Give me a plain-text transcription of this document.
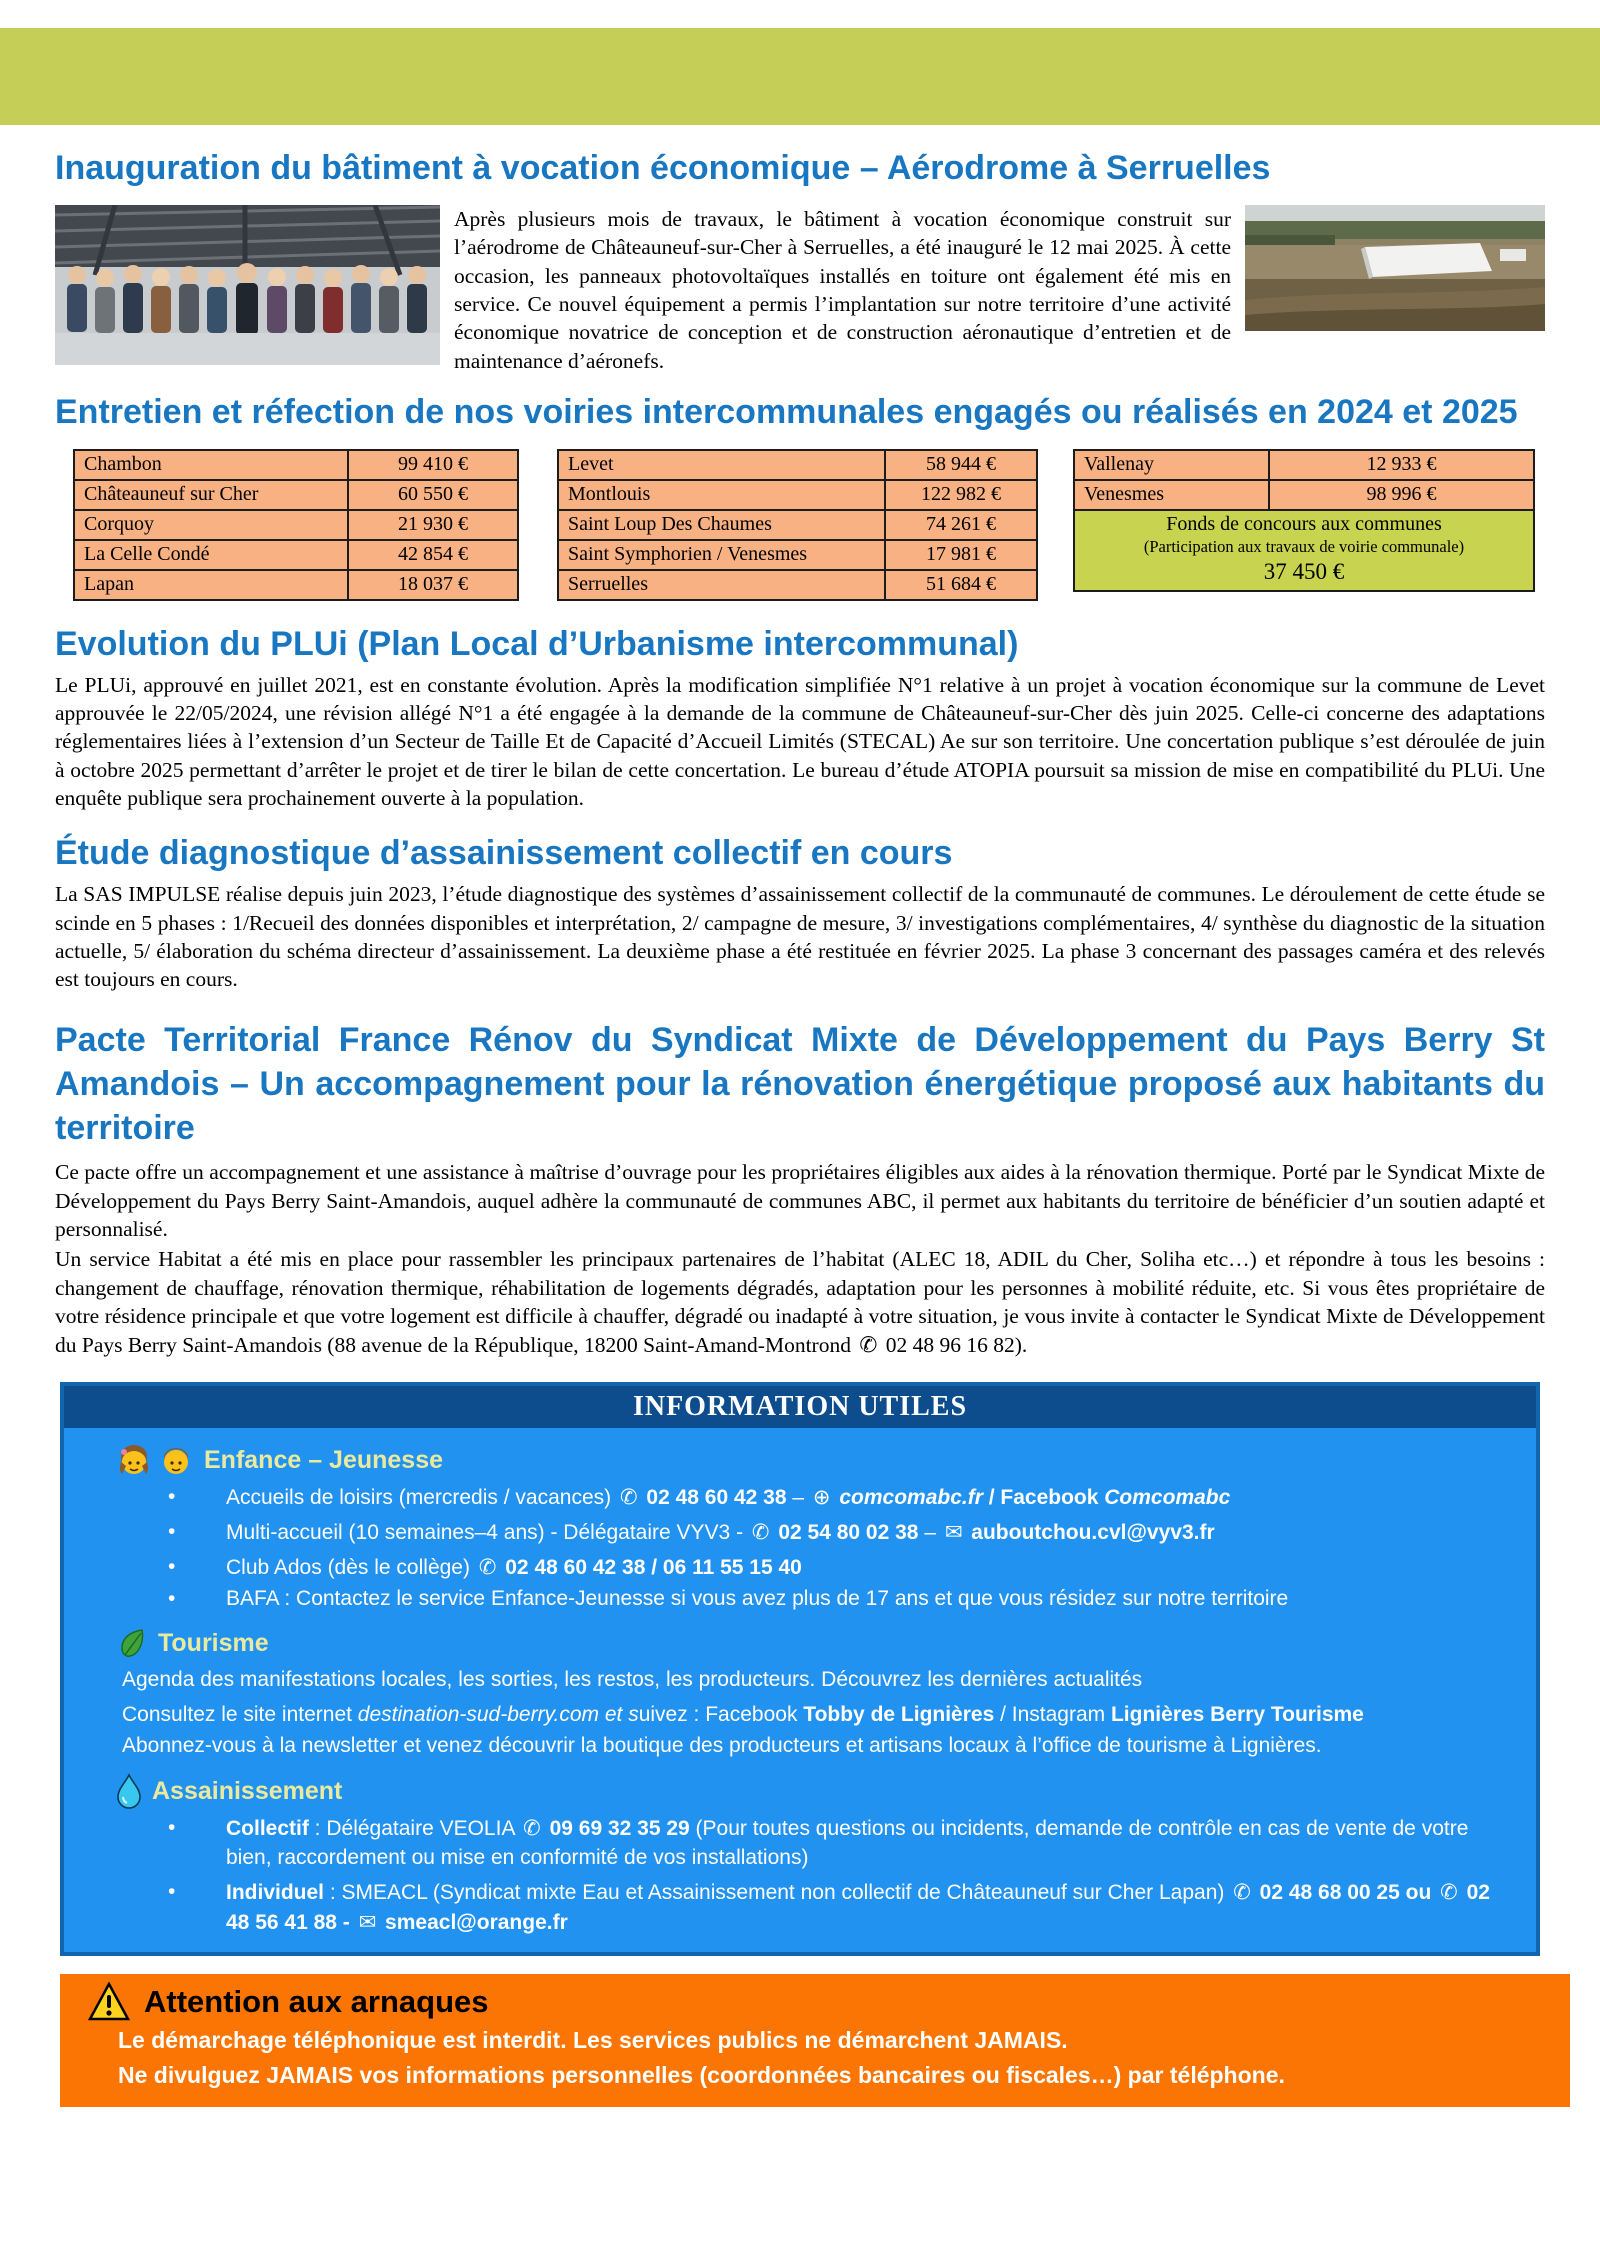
Inauguration du bâtiment à vocation économique – Aérodrome à Serruelles

Après plusieurs mois de travaux, le bâtiment à vocation économique construit sur l’aérodrome de Châteauneuf-sur-Cher à Serruelles, a été inauguré le 12 mai 2025. À cette occasion, les panneaux photovoltaïques installés en toiture ont également été mis en service. Ce nouvel équipement a permis l’implantation sur notre territoire d’une activité économique novatrice de conception et de construction aéronautique d’entretien et de maintenance d’aéronefs.

Entretien et réfection de nos voiries intercommunales engagés ou réalisés en 2024 et 2025
Chambon	99 410 €
Châteauneuf sur Cher	60 550 €
Corquoy	21 930 €
La Celle Condé	42 854 €
Lapan	18 037 €
Levet	58 944 €
Montlouis	122 982 €
Saint Loup Des Chaumes	74 261 €
Saint Symphorien / Venesmes	17 981 €
Serruelles	51 684 €
Vallenay	12 933 €
Venesmes	98 996 €
Fonds de concours aux communes
(Participation aux travaux de voirie communale)
37 450 €
Evolution du PLUi (Plan Local d’Urbanisme intercommunal)

Le PLUi, approuvé en juillet 2021, est en constante évolution. Après la modification simplifiée N°1 relative à un projet à vocation économique sur la commune de Levet approuvée le 22/05/2024, une révision allégé N°1 a été engagée à la demande de la commune de Châteauneuf-sur-Cher dès juin 2025. Celle-ci concerne des adaptations réglementaires liées à l’extension d’un Secteur de Taille Et de Capacité d’Accueil Limités (STECAL) Ae sur son territoire. Une concertation publique s’est déroulée de juin à octobre 2025 permettant d’arrêter le projet et de tirer le bilan de cette concertation. Le bureau d’étude ATOPIA poursuit sa mission de mise en compatibilité du PLUi. Une enquête publique sera prochainement ouverte à la population.

Étude diagnostique d’assainissement collectif en cours

La SAS IMPULSE réalise depuis juin 2023, l’étude diagnostique des systèmes d’assainissement collectif de la communauté de communes. Le déroulement de cette étude se scinde en 5 phases : 1/Recueil des données disponibles et interprétation, 2/ campagne de mesure, 3/ investigations complémentaires, 4/ synthèse du diagnostic de la situation actuelle, 5/ élaboration du schéma directeur d’assainissement. La deuxième phase a été restituée en février 2025. La phase 3 concernant des passages caméra et des relevés est toujours en cours.

Pacte Territorial France Rénov du Syndicat Mixte de Développement du Pays Berry St Amandois – Un accompagnement pour la rénovation énergétique proposé aux habitants du territoire

Ce pacte offre un accompagnement et une assistance à maîtrise d’ouvrage pour les propriétaires éligibles aux aides à la rénovation thermique. Porté par le Syndicat Mixte de Développement du Pays Berry Saint-Amandois, auquel adhère la communauté de communes ABC, il permet aux habitants du territoire de bénéficier d’un soutien adapté et personnalisé.

Un service Habitat a été mis en place pour rassembler les principaux partenaires de l’habitat (ALEC 18, ADIL du Cher, Soliha etc…) et répondre à tous les besoins : changement de chauffage, rénovation thermique, réhabilitation de logements dégradés, adaptation pour les personnes à mobilité réduite, etc. Si vous êtes propriétaire de votre résidence principale et que votre logement est difficile à chauffer, dégradé ou inadapté à votre situation, je vous invite à contacter le Syndicat Mixte de Développement du Pays Berry Saint-Amandois (88 avenue de la République, 18200 Saint-Amand-Montrond ✆ 02 48 96 16 82).

INFORMATION UTILES
Enfance – Jeunesse
• Accueils de loisirs (mercredis / vacances) ✆ 02 48 60 42 38 – ⊕ comcomabc.fr / Facebook Comcomabc
• Multi-accueil (10 semaines–4 ans) - Délégataire VYV3 - ✆ 02 54 80 02 38 – ✉ auboutchou.cvl@vyv3.fr
• Club Ados (dès le collège) ✆ 02 48 60 42 38 / 06 11 55 15 40
• BAFA : Contactez le service Enfance-Jeunesse si vous avez plus de 17 ans et que vous résidez sur notre territoire
Tourisme
Agenda des manifestations locales, les sorties, les restos, les producteurs. Découvrez les dernières actualités
Consultez le site internet destination-sud-berry.com et suivez : Facebook Tobby de Lignières / Instagram Lignières Berry Tourisme
Abonnez-vous à la newsletter et venez découvrir la boutique des producteurs et artisans locaux à l’office de tourisme à Lignières.
Assainissement
• Collectif : Délégataire VEOLIA ✆ 09 69 32 35 29 (Pour toutes questions ou incidents, demande de contrôle en cas de vente de votre bien, raccordement ou mise en conformité de vos installations)
• Individuel : SMEACL (Syndicat mixte Eau et Assainissement non collectif de Châteauneuf sur Cher Lapan) ✆ 02 48 68 00 25 ou ✆ 02 48 56 41 88 - ✉ smeacl@orange.fr
Attention aux arnaques
Le démarchage téléphonique est interdit. Les services publics ne démarchent JAMAIS.
Ne divulguez JAMAIS vos informations personnelles (coordonnées bancaires ou fiscales…) par téléphone.
